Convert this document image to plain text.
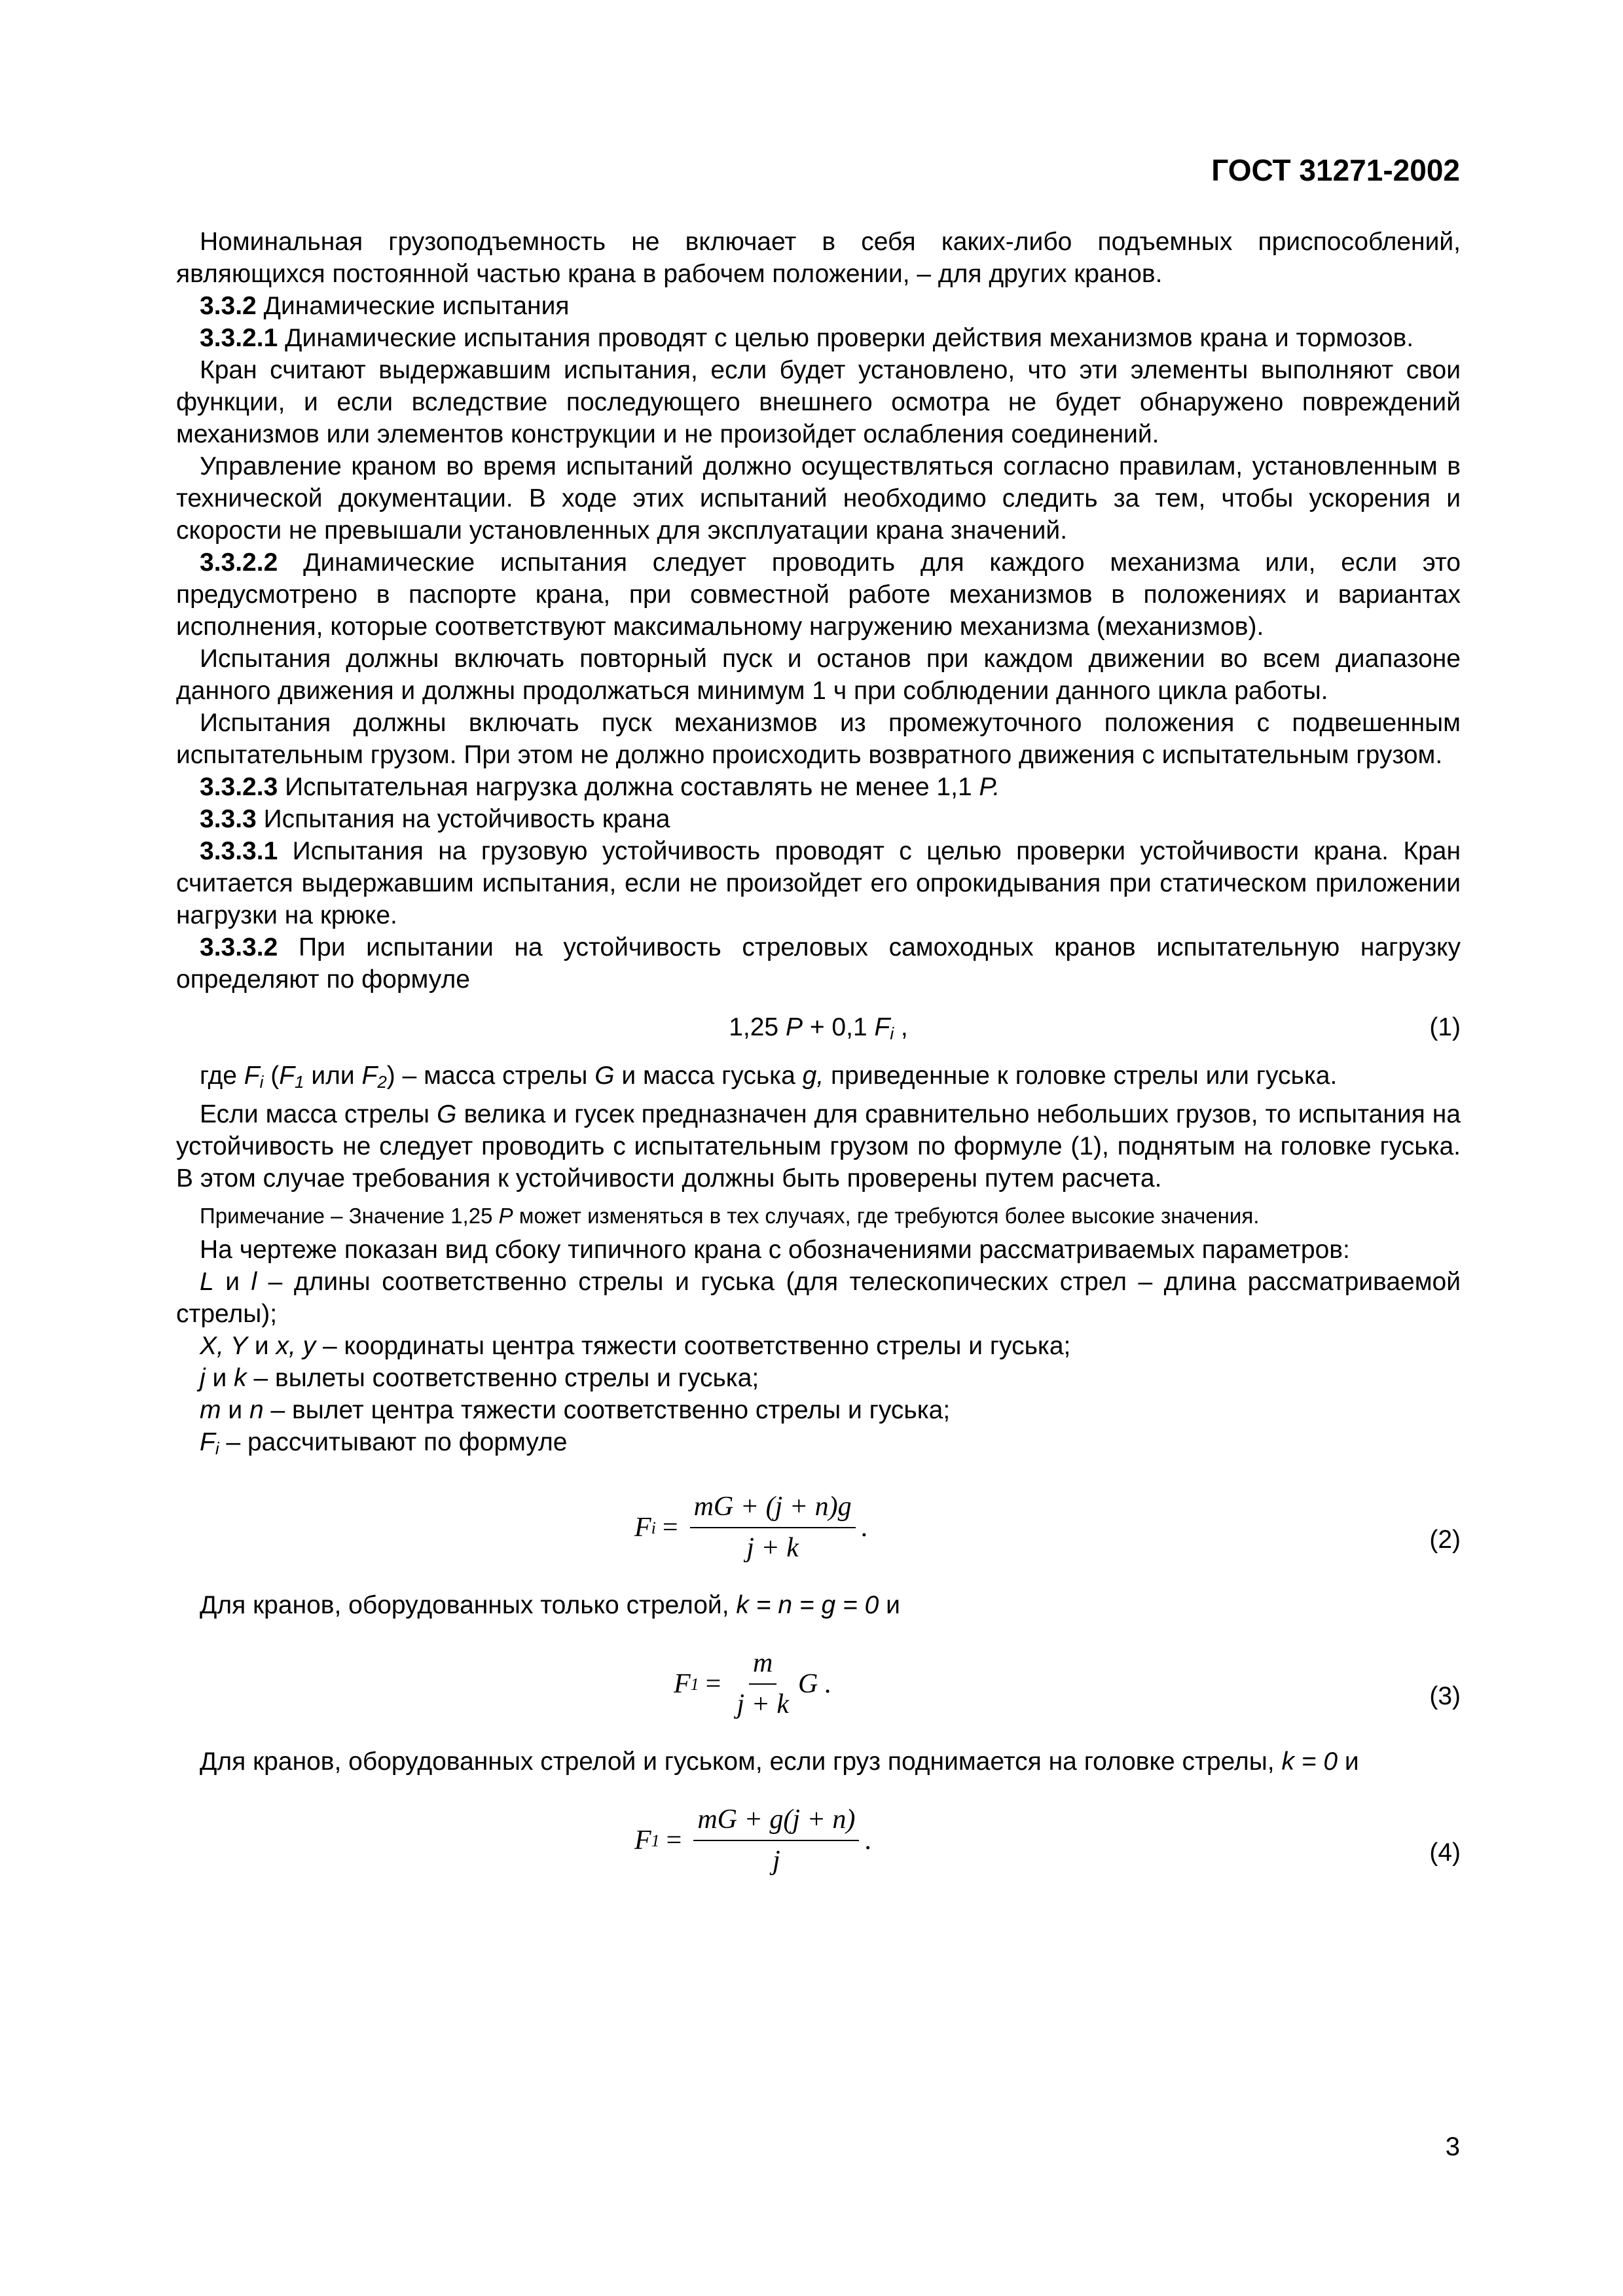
ГОСТ 31271-2002

Номинальная грузоподъемность не включает в себя каких-либо подъемных приспособлений, являющихся постоянной частью крана в рабочем положении, – для других кранов.

3.3.2 Динамические испытания

3.3.2.1 Динамические испытания проводят с целью проверки действия механизмов крана и тормозов.

Кран считают выдержавшим испытания, если будет установлено, что эти элементы выполняют свои функции, и если вследствие последующего внешнего осмотра не будет обнаружено повреждений механизмов или элементов конструкции и не произойдет ослабления соединений.

Управление краном во время испытаний должно осуществляться согласно правилам, установленным в технической документации. В ходе этих испытаний необходимо следить за тем, чтобы ускорения и скорости не превышали установленных для эксплуатации крана значений.

3.3.2.2 Динамические испытания следует проводить для каждого механизма или, если это предусмотрено в паспорте крана, при совместной работе механизмов в положениях и вариантах исполнения, которые соответствуют максимальному нагружению механизма (механизмов).

Испытания должны включать повторный пуск и останов при каждом движении во всем диапазоне данного движения и должны продолжаться минимум 1 ч при соблюдении данного цикла работы.

Испытания должны включать пуск механизмов из промежуточного положения с подвешенным испытательным грузом. При этом не должно происходить возвратного движения с испытательным грузом.

3.3.2.3 Испытательная нагрузка должна составлять не менее 1,1 P.

3.3.3 Испытания на устойчивость крана

3.3.3.1 Испытания на грузовую устойчивость проводят с целью проверки устойчивости крана. Кран считается выдержавшим испытания, если не произойдет его опрокидывания при статическом приложении нагрузки на крюке.

3.3.3.2 При испытании на устойчивость стреловых самоходных кранов испытательную нагрузку определяют по формуле

1,25 P + 0,1 $F_i$ ,	(1)

где $F_i$ ($F_1$ или $F_2$) – масса стрелы G и масса гуська g, приведенные к головке стрелы или гуська.

Если масса стрелы G велика и гусек предназначен для сравнительно небольших грузов, то испытания на устойчивость не следует проводить с испытательным грузом по формуле (1), поднятым на головке гуська. В этом случае требования к устойчивости должны быть проверены путем расчета.

Примечание – Значение 1,25 P может изменяться в тех случаях, где требуются более высокие значения.

На чертеже показан вид сбоку типичного крана с обозначениями рассматриваемых параметров:

L и l – длины соответственно стрелы и гуська (для телескопических стрел – длина рассматриваемой стрелы);

X, Y и x, y – координаты центра тяжести соответственно стрелы и гуська;

j и k – вылеты соответственно стрелы и гуська;

m и n – вылет центра тяжести соответственно стрелы и гуська;

$F_i$ – рассчитывают по формуле

F $i = \frac{mG + (j + n)g}{j + k}$ .	(2)

Для кранов, оборудованных только стрелой, k = n = g = 0 и

F $1 = \frac{m}{j + k}$ G .	(3)

Для кранов, оборудованных стрелой и гуськом, если груз поднимается на головке стрелы, k = 0 и

F $1 = \frac{mG + g(j + n)}{j}$ .	(4)
3
